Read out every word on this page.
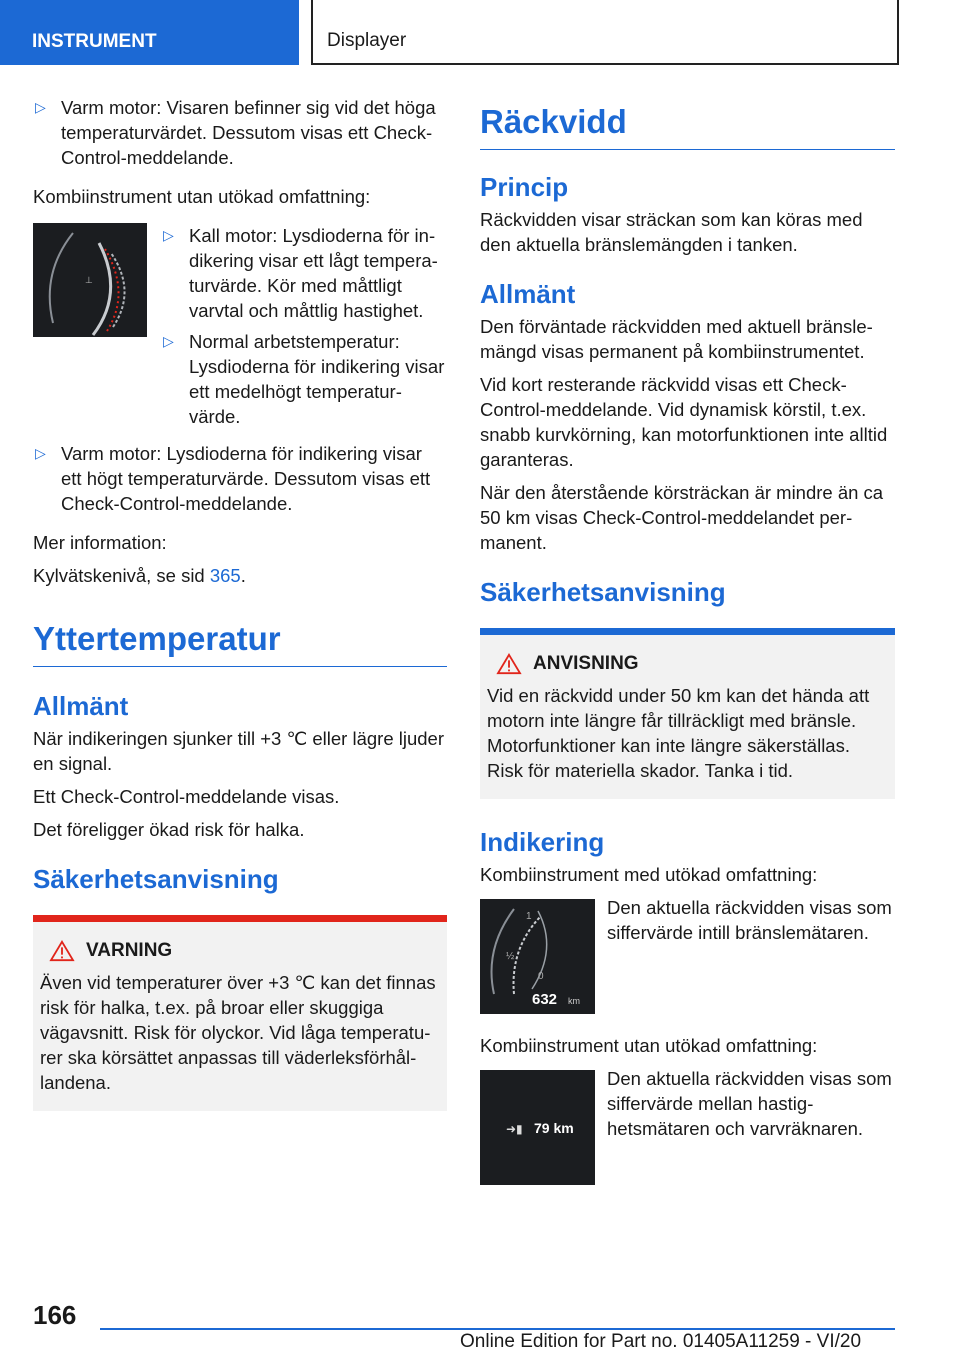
INSTRUMENT	Displayer
▷ Varm motor: Visaren befinner sig vid det höga temperaturvärdet. Dessutom visas ett Check-Control-meddelande.

Kombiinstrument utan utökad omfattning:

⊥
▷ Kall motor: Lysdioderna för indikering visar ett lågt temperaturvärde. Kör med måttligt varvtal och måttlig hastighet.
▷ Normal arbetstemperatur: Lysdioderna för indikering visar ett medelhögt temperaturvärde.
▷ Varm motor: Lysdioderna för indikering visar ett högt temperaturvärde. Dessutom visas ett Check-Control-meddelande.

Mer information:

Kylvätskenivå, se sid 365.

Yttertemperatur
Allmänt

När indikeringen sjunker till +3 ℃ eller lägre ljuder en signal.

Ett Check-Control-meddelande visas.

Det föreligger ökad risk för halka.

Säkerhetsanvisning
VARNING

Även vid temperaturer över +3 ℃ kan det finnas risk för halka, t.ex. på broar eller skuggiga vägavsnitt. Risk för olyckor. Vid låga temperaturer ska körsättet anpassas till väderleksförhållandena.

Räckvidd
Princip

Räckvidden visar sträckan som kan köras med den aktuella bränslemängden i tanken.

Allmänt

Den förväntade räckvidden med aktuell bränslemängd visas permanent på kombiinstrumentet.

Vid kort resterande räckvidd visas ett Check-Control-meddelande. Vid dynamisk körstil, t.ex. snabb kurvkörning, kan motorfunktionen inte alltid garanteras.

När den återstående körsträckan är mindre än ca 50 km visas Check-Control-meddelandet permanent.

Säkerhetsanvisning
ANVISNING

Vid en räckvidd under 50 km kan det hända att motorn inte längre får tillräckligt med bränsle. Motorfunktioner kan inte längre säkerställas. Risk för materiella skador. Tanka i tid.

Indikering

Kombiinstrument med utökad omfattning:

1
½
0
632 km

Den aktuella räckvidden visas som siffervärde intill bränslemätaren.

Kombiinstrument utan utökad omfattning:

➜▮ 79 km

Den aktuella räckvidden visas som siffervärde mellan hastighetsmätaren och varvräknaren.

166
Online Edition for Part no. 01405A11259 - VI/20
